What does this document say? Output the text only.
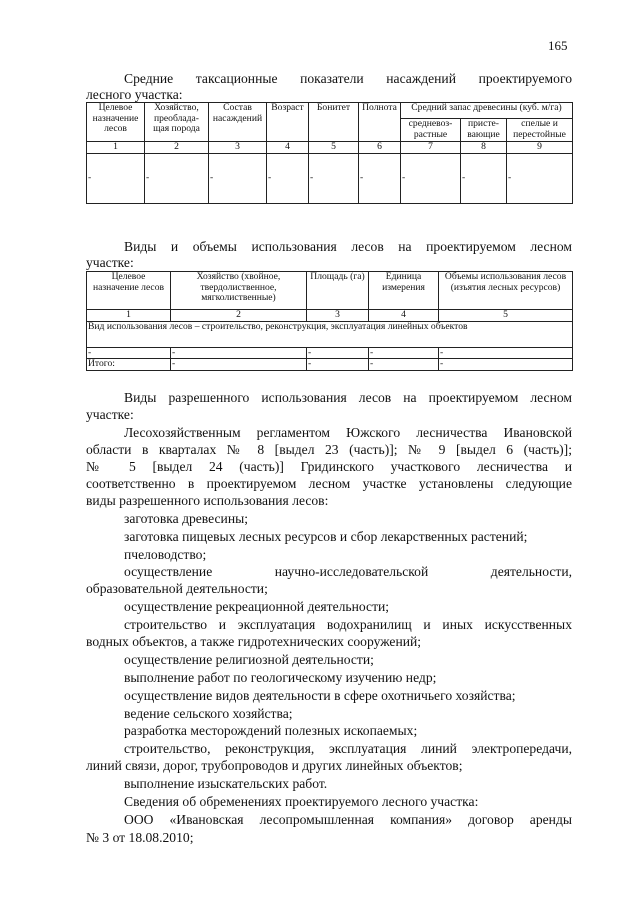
165
Средние таксационные показатели насаждений проектируемого
лесного участка:
Целевое назначение лесов	Хозяйство, преоблада-щая порода	Состав насаждений	Возраст	Бонитет	Полнота	Средний запас древесины (куб. м/га)		
						средневоз-растные	присте-вающие	спелые и перестойные
1	2	3	4	5	6	7	8	9
-	-	-	-	-	-	-	-	-
Виды и объемы использования лесов на проектируемом лесном
участке:
Целевое назначение лесов	Хозяйство (хвойное, твердолиственное, мягколиственные)	Площадь (га)	Единица измерения	Объемы использования лесов (изъятия лесных ресурсов)
1	2	3	4	5
Вид использования лесов – строительство, реконструкция, эксплуатация линейных объектов				
-	-	-	-	-
Итого:	-	-	-	-
Виды разрешенного использования лесов на проектируемом лесном
участке:
Лесохозяйственным регламентом Южского лесничества Ивановской
области в кварталах № 8 [выдел 23 (часть)]; № 9 [выдел 6 (часть)];
№ 5 [выдел 24 (часть)] Гридинского участкового лесничества и
соответственно в проектируемом лесном участке установлены следующие
виды разрешенного использования лесов:
заготовка древесины;
заготовка пищевых лесных ресурсов и сбор лекарственных растений;
пчеловодство;
осуществление научно-исследовательской деятельности,
образовательной деятельности;
осуществление рекреационной деятельности;
строительство и эксплуатация водохранилищ и иных искусственных
водных объектов, а также гидротехнических сооружений;
осуществление религиозной деятельности;
выполнение работ по геологическому изучению недр;
осуществление видов деятельности в сфере охотничьего хозяйства;
ведение сельского хозяйства;
разработка месторождений полезных ископаемых;
строительство, реконструкция, эксплуатация линий электропередачи,
линий связи, дорог, трубопроводов и других линейных объектов;
выполнение изыскательских работ.
Сведения об обременениях проектируемого лесного участка:
ООО «Ивановская лесопромышленная компания» договор аренды
№ 3 от 18.08.2010;
